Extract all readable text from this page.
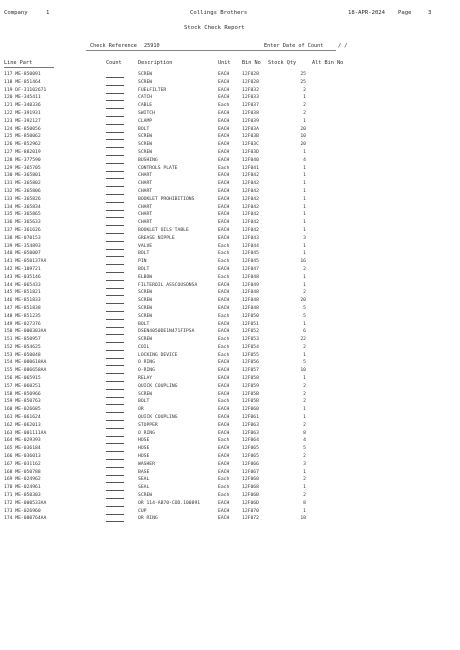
Company	1	Collings Brothers	18-APR-2024 Page	3
Stock Check Report
Check Reference 25910	Enter Date of Count	/ /
Line Part	Count	Description	Unit Bin No Stock Qty	Alt Bin No
117 ME-850091	SCREW	EACH	12F028	25
118 ME-851464	SCREW	EACH	12F028	25
119 DF-31102671	FUELFILTER	EACH	12F032	2
120 ME-345411	CATCH	EACH	12F033	1
121 ME-340336	CABLE	Each	12F037	2
122 ME-391931	SWITCH	EACH	12F038	2
123 ME-392127	CLAMP	EACH	12F039	1
124 ME-850056	BOLT	EACH	12F03A	20
125 ME-850062	SCREW	EACH	12F03B	10
126 ME-852962	SCREW	EACH	12F03C	20
127 ME-882019	SCREW	EACH	12F03D	1
128 ME-377590	BUSHING	EACH	12F040	4
129 ME-365705	CONTROLS PLATE	Each	12F041	1
130 ME-365801	CHART	EACH	12F042	1
131 ME-365802	CHART	EACH	12F042	1
132 ME-365806	CHART	EACH	12F042	1
133 ME-365826	BOOKLET PROHIBITIONS	EACH	12F042	1
134 ME-365834	CHART	EACH	12F042	1
135 ME-365865	CHART	EACH	12F042	1
136 ME-365633	CHART	EACH	12F042	1
137 ME-361626	BOOKLET OILS TABLE	EACH	12F042	1
138 ME-070153	GREASE NIPPLE	EACH	12F043	3
139 ME-354893	VALVE	Each	12F044	1
140 ME-050007	BOLT	Each	12F045	1
141 ME-050137AA	PIN	Each	12F045	16
142 ME-109721	BOLT	EACH	12F047	2
143 ME-035146	ELBOW	Each	12F048	1
144 ME-065433	FILTEROIL ASSCOUSONSA	EACH	12F049	1
145 ME-851821	SCREW	EACH	12F048	2
146 ME-851833	SCREW	EACH	12F048	20
147 ME-851838	SCREW	EACH	12F048	5
148 ME-851235	SCREW	Each	12F050	5
149 ME-027376	BOLT	EACH	12F051	1
150 ME-000303AA	DSEN4050DE1N471FIPSA	EACH	12F052	6
151 ME-850957	SCREW	Each	12F053	22
152 ME-054625	COIL	Each	12F054	2
153 ME-050048	LOCKING DEVICE	Each	12F055	1
154 ME-000618AA	O RING	EACH	12F056	5
155 ME-006658AA	O-RING	EACH	12F057	10
156 ME-065915	RELAY	EACH	12F058	1
157 ME-060251	QUICK COUPLING	EACH	12F059	2
158 ME-850966	SCREW	EACH	12F05B	2
159 ME-850763	BOLT	Each	12F05B	2
160 ME-026685	OR	EACH	12F060	1
161 ME-061624	QUICK COUPLING	EACH	12F061	1
162 ME-062013	STOPPER	EACH	12F063	2
163 ME-001111AA	O RING	EACH	12F063	8
164 ME-029393	HOSE	Each	12F064	4
165 ME-036184	HOSE	EACH	12F065	5
166 ME-036013	HOSE	EACH	12F065	2
167 ME-031162	WASHER	EACH	12F066	3
168 ME-050788	BASE	EACH	12F067	1
169 ME-024962	SEAL	Each	12F068	2
170 ME-024961	SEAL	Each	12F068	1
171 ME-050303	SCREW	Each	12F06B	2
172 ME-000533AA	OR 114-AB70-COD.100891	EACH	12F06D	8
173 ME-026960	CUP	EACH	12F070	1
174 ME-000764AA	OR RING	EACH	12F072	18
